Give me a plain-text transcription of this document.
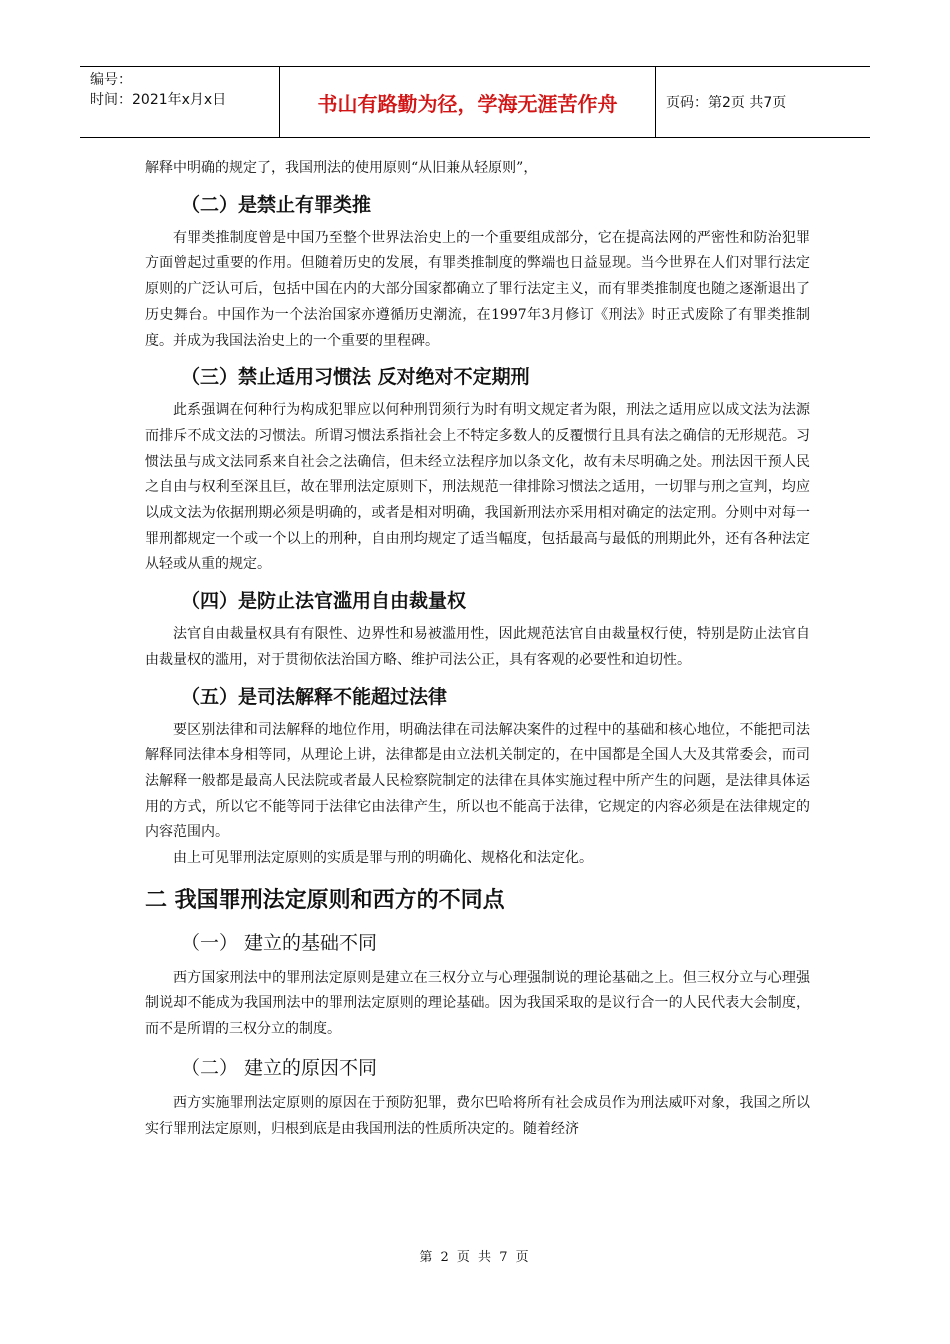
编号：
时间：2021年x月x日	书山有路勤为径，学海无涯苦作舟	页码：第2页 共7页

解释中明确的规定了，我国刑法的使用原则“从旧兼从轻原则”，

（二）是禁止有罪类推

有罪类推制度曾是中国乃至整个世界法治史上的一个重要组成部分，它在提高法网的严密性和防治犯罪方面曾起过重要的作用。但随着历史的发展，有罪类推制度的弊端也日益显现。当今世界在人们对罪行法定原则的广泛认可后，包括中国在内的大部分国家都确立了罪行法定主义，而有罪类推制度也随之逐渐退出了历史舞台。中国作为一个法治国家亦遵循历史潮流，在1997年3月修订《刑法》时正式废除了有罪类推制度。并成为我国法治史上的一个重要的里程碑。

（三）禁止适用习惯法 反对绝对不定期刑

此系强调在何种行为构成犯罪应以何种刑罚须行为时有明文规定者为限，刑法之适用应以成文法为法源而排斥不成文法的习惯法。所谓习惯法系指社会上不特定多数人的反覆惯行且具有法之确信的无形规范。习惯法虽与成文法同系来自社会之法确信，但未经立法程序加以条文化，故有未尽明确之处。刑法因干预人民之自由与权利至深且巨，故在罪刑法定原则下，刑法规范一律排除习惯法之适用，一切罪与刑之宣判，均应以成文法为依据刑期必须是明确的，或者是相对明确，我国新刑法亦采用相对确定的法定刑。分则中对每一罪刑都规定一个或一个以上的刑种，自由刑均规定了适当幅度，包括最高与最低的刑期此外，还有各种法定从轻或从重的规定。

（四）是防止法官滥用自由裁量权

法官自由裁量权具有有限性、边界性和易被滥用性，因此规范法官自由裁量权行使，特别是防止法官自由裁量权的滥用，对于贯彻依法治国方略、维护司法公正，具有客观的必要性和迫切性。

（五）是司法解释不能超过法律

要区别法律和司法解释的地位作用，明确法律在司法解决案件的过程中的基础和核心地位，不能把司法解释同法律本身相等同，从理论上讲，法律都是由立法机关制定的，在中国都是全国人大及其常委会，而司法解释一般都是最高人民法院或者最人民检察院制定的法律在具体实施过程中所产生的问题，是法律具体运用的方式，所以它不能等同于法律它由法律产生，所以也不能高于法律，它规定的内容必须是在法律规定的内容范围内。

由上可见罪刑法定原则的实质是罪与刑的明确化、规格化和法定化。

二 我国罪刑法定原则和西方的不同点
（一） 建立的基础不同

西方国家刑法中的罪刑法定原则是建立在三权分立与心理强制说的理论基础之上。但三权分立与心理强制说却不能成为我国刑法中的罪刑法定原则的理论基础。因为我国采取的是议行合一的人民代表大会制度，而不是所谓的三权分立的制度。

（二） 建立的原因不同

西方实施罪刑法定原则的原因在于预防犯罪，费尔巴哈将所有社会成员作为刑法威吓对象，我国之所以实行罪刑法定原则，归根到底是由我国刑法的性质所决定的。随着经济

第 2 页 共 7 页
